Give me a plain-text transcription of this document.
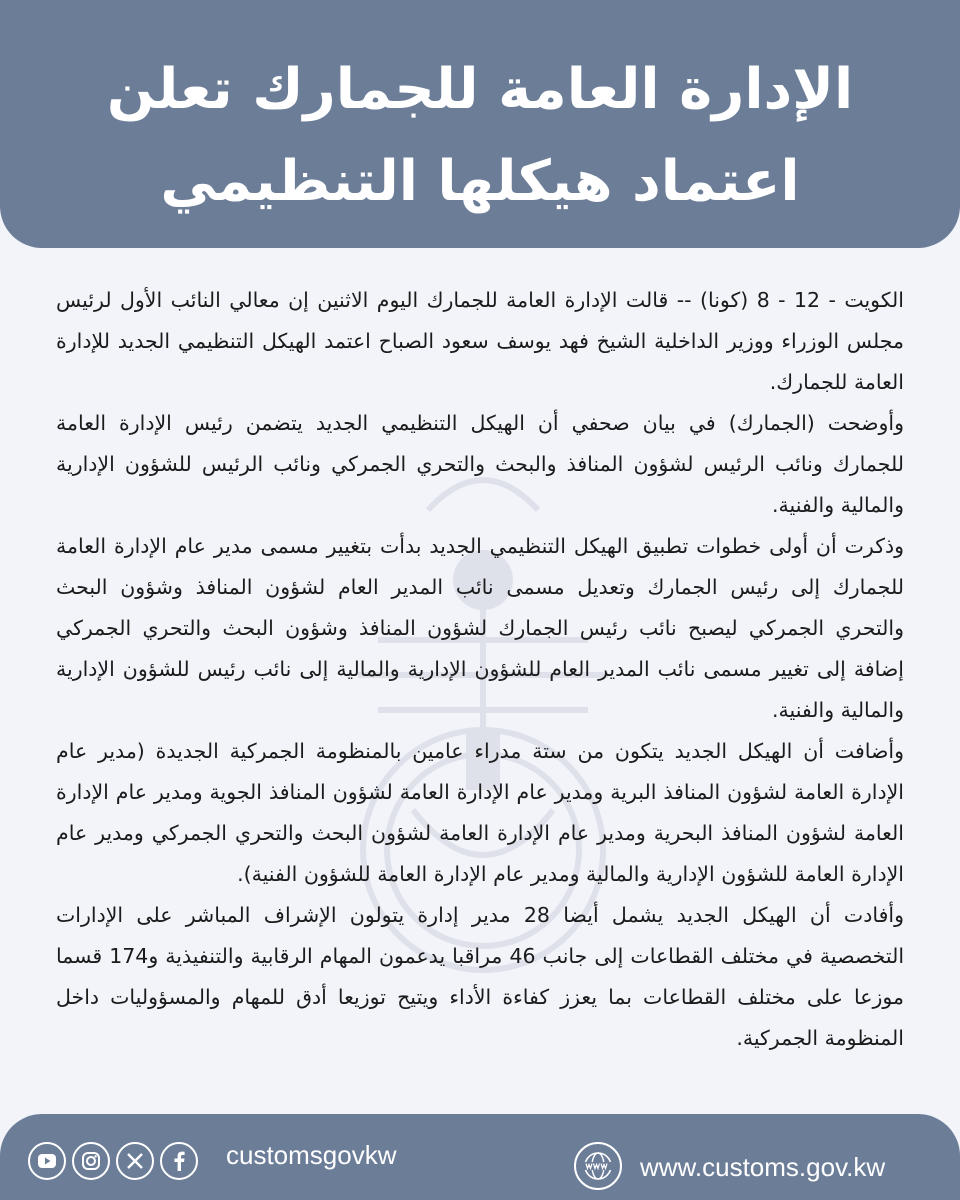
الإدارة العامة للجمارك تعلن اعتماد هيكلها التنظيمي

الكويت - 12 - 8 (كونا) -- قالت الإدارة العامة للجمارك اليوم الاثنين إن معالي النائب الأول لرئيس مجلس الوزراء ووزير الداخلية الشيخ فهد يوسف سعود الصباح اعتمد الهيكل التنظيمي الجديد للإدارة العامة للجمارك.

وأوضحت (الجمارك) في بيان صحفي أن الهيكل التنظيمي الجديد يتضمن رئيس الإدارة العامة للجمارك ونائب الرئيس لشؤون المنافذ والبحث والتحري الجمركي ونائب الرئيس للشؤون الإدارية والمالية والفنية.

وذكرت أن أولى خطوات تطبيق الهيكل التنظيمي الجديد بدأت بتغيير مسمى مدير عام الإدارة العامة للجمارك إلى رئيس الجمارك وتعديل مسمى نائب المدير العام لشؤون المنافذ وشؤون البحث والتحري الجمركي ليصبح نائب رئيس الجمارك لشؤون المنافذ وشؤون البحث والتحري الجمركي إضافة إلى تغيير مسمى نائب المدير العام للشؤون الإدارية والمالية إلى نائب رئيس للشؤون الإدارية والمالية والفنية.

وأضافت أن الهيكل الجديد يتكون من ستة مدراء عامين بالمنظومة الجمركية الجديدة (مدير عام الإدارة العامة لشؤون المنافذ البرية ومدير عام الإدارة العامة لشؤون المنافذ الجوية ومدير عام الإدارة العامة لشؤون المنافذ البحرية ومدير عام الإدارة العامة لشؤون البحث والتحري الجمركي ومدير عام الإدارة العامة للشؤون الإدارية والمالية ومدير عام الإدارة العامة للشؤون الفنية).

وأفادت أن الهيكل الجديد يشمل أيضا 28 مدير إدارة يتولون الإشراف المباشر على الإدارات التخصصية في مختلف القطاعات إلى جانب 46 مراقبا يدعمون المهام الرقابية والتنفيذية و174 قسما موزعا على مختلف القطاعات بما يعزز كفاءة الأداء ويتيح توزيعا أدق للمهام والمسؤوليات داخل المنظومة الجمركية.

customsgovkw	www.customs.gov.kw
